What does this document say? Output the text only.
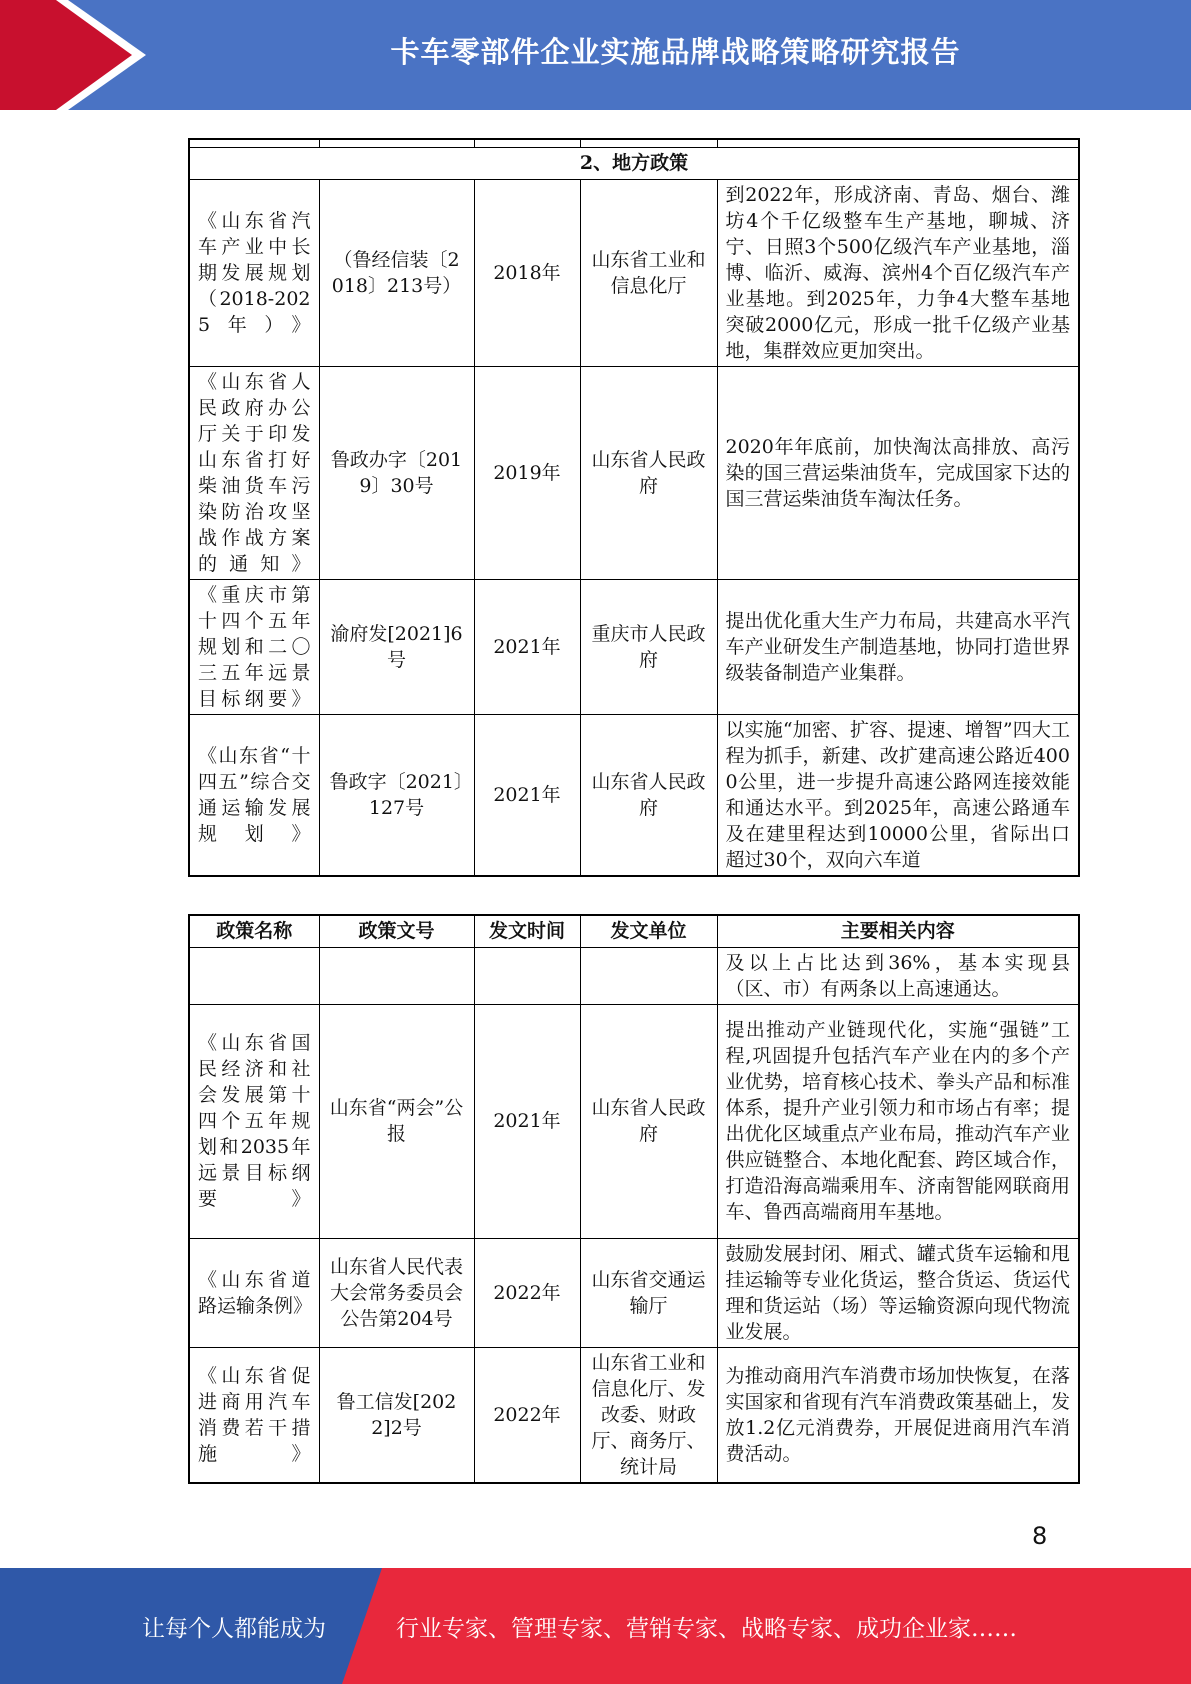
卡车零部件企业实施品牌战略策略研究报告

2、地方政策				
《山东省汽车产业中长期发展规划（2018-2025年）》	（鲁经信装〔2018〕213号）	2018年	山东省工业和信息化厅	到2022年，形成济南、青岛、烟台、潍坊4个千亿级整车生产基地，聊城、济宁、日照3个500亿级汽车产业基地，淄博、临沂、威海、滨州4个百亿级汽车产业基地。到2025年，力争4大整车基地突破2000亿元，形成一批千亿级产业基地，集群效应更加突出。
《山东省人民政府办公厅关于印发山东省打好柴油货车污染防治攻坚战作战方案的通知》	鲁政办字〔2019〕30号	2019年	山东省人民政府	2020年年底前，加快淘汰高排放、高污染的国三营运柴油货车，完成国家下达的国三营运柴油货车淘汰任务。
《重庆市第十四个五年规划和二〇三五年远景目标纲要》	渝府发[2021]6号	2021年	重庆市人民政府	提出优化重大生产力布局，共建高水平汽车产业研发生产制造基地，协同打造世界级装备制造产业集群。
《山东省“十四五”综合交通运输发展规划》	鲁政字〔2021〕127号	2021年	山东省人民政府	以实施“加密、扩容、提速、增智”四大工程为抓手，新建、改扩建高速公路近4000公里，进一步提升高速公路网连接效能和通达水平。到2025年，高速公路通车及在建里程达到10000公里，省际出口超过30个，双向六车道
政策名称	政策文号	发文时间	发文单位	主要相关内容
				及以上占比达到36%，基本实现县（区、市）有两条以上高速通达。
《山东省国民经济和社会发展第十四个五年规划和2035年远景目标纲要》	山东省“两会”公报	2021年	山东省人民政府	提出推动产业链现代化，实施“强链”工程,巩固提升包括汽车产业在内的多个产业优势，培育核心技术、拳头产品和标准体系，提升产业引领力和市场占有率；提出优化区域重点产业布局，推动汽车产业供应链整合、本地化配套、跨区域合作，打造沿海高端乘用车、济南智能网联商用车、鲁西高端商用车基地。
《山东省道路运输条例》	山东省人民代表大会常务委员会公告第204号	2022年	山东省交通运输厅	鼓励发展封闭、厢式、罐式货车运输和甩挂运输等专业化货运，整合货运、货运代理和货运站（场）等运输资源向现代物流业发展。
《山东省促进商用汽车消费若干措施》	鲁工信发[2022]2号	2022年	山东省工业和信息化厅、发改委、财政厅、商务厅、统计局	为推动商用汽车消费市场加快恢复，在落实国家和省现有汽车消费政策基础上，发放1.2亿元消费券，开展促进商用汽车消费活动。
8
让每个人都能成为	行业专家、管理专家、营销专家、战略专家、成功企业家……
